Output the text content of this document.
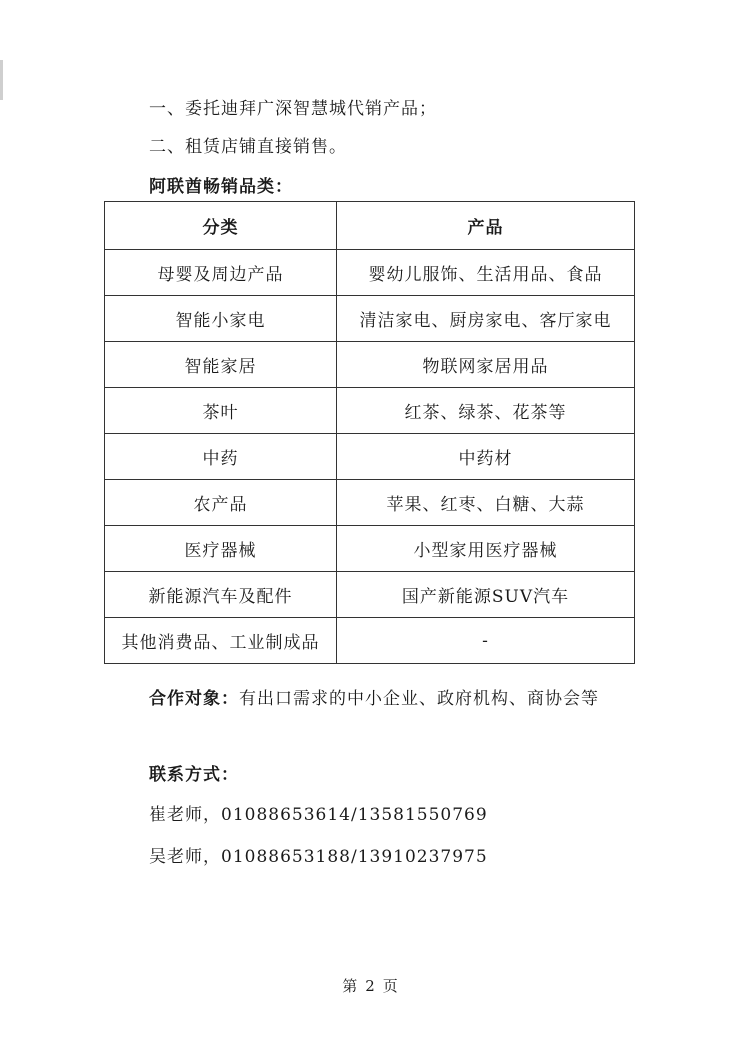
一、委托迪拜广深智慧城代销产品；
二、租赁店铺直接销售。
阿联酋畅销品类：
分类	产品
母婴及周边产品	婴幼儿服饰、生活用品、食品
智能小家电	清洁家电、厨房家电、客厅家电
智能家居	物联网家居用品
茶叶	红茶、绿茶、花茶等
中药	中药材
农产品	苹果、红枣、白糖、大蒜
医疗器械	小型家用医疗器械
新能源汽车及配件	国产新能源SUV汽车
其他消费品、工业制成品	-
合作对象：有出口需求的中小企业、政府机构、商协会等
联系方式：
崔老师，01088653614/13581550769
吴老师，01088653188/13910237975
第 2 页
